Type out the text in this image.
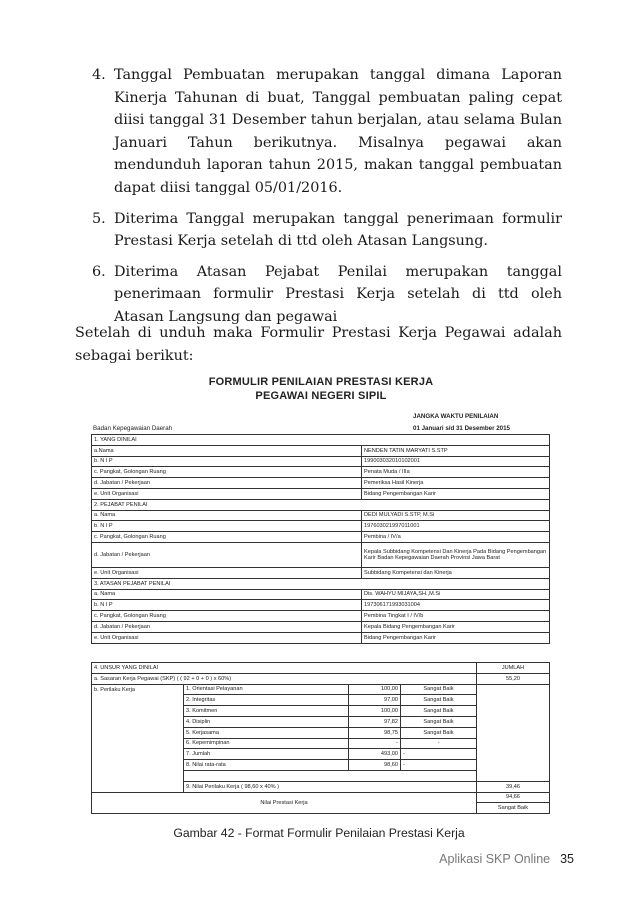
4. Tanggal Pembuatan merupakan tanggal dimana Laporan Kinerja Tahunan di buat, Tanggal pembuatan paling cepat diisi tanggal 31 Desember tahun berjalan, atau selama Bulan Januari Tahun berikutnya. Misalnya pegawai akan mendunduh laporan tahun 2015, makan tanggal pembuatan dapat diisi tanggal 05/01/2016.
5. Diterima Tanggal merupakan tanggal penerimaan formulir Prestasi Kerja setelah di ttd oleh Atasan Langsung.
6. Diterima Atasan Pejabat Penilai merupakan tanggal penerimaan formulir Prestasi Kerja setelah di ttd oleh Atasan Langsung dan pegawai

Setelah di unduh maka Formulir Prestasi Kerja Pegawai adalah sebagai berikut:

FORMULIR PENILAIAN PRESTASI KERJA
PEGAWAI NEGERI SIPIL
JANGKA WAKTU PENILAIAN
Badan Kepegawaian Daerah	01 Januari s/d 31 Desember 2015
1. YANG DINILAI	
a.Nama	NENDEN TATIN MARYATI S.STP
b. N I P	199003032010102001
c. Pangkat, Golongan Ruang	Penata Muda / IIIa
d. Jabatan / Pekerjaan	Pemeriksa Hasil Kinerja
e. Unit Organisasi	Bidang Pengembangan Karir
2. PEJABAT PENILAI	
a. Nama	DEDI MULYADI S.STP, M.Si
b. N I P	197603021997011001
c. Pangkat, Golongan Ruang	Pembina / IV/a
d. Jabatan / Pekerjaan	Kepala Subbidang Kompetensi Dan Kinerja Pada Bidang Pengembangan Karir Badan Kepegawaian Daerah Provinsi Jawa Barat
e. Unit Organisasi	Subbidang Kompetensi dan Kinerja
3. ATASAN PEJABAT PENILAI	
a. Nama	Dis. WAHYU MIJAYA,SH.,M.Si
b. N I P	197306171993031004
c. Pangkat, Golongan Ruang	Pembina Tingkat I / IV/b
d. Jabatan / Pekerjaan	Kepala Bidang Pengembangan Karir
e. Unit Organisasi	Bidang Pengembangan Karir
4. UNSUR YANG DINILAI				JUMLAH
a. Sasaran Kerja Pegawai (SKP) ( ( 92 + 0 + 0 ) x 60%)				55,20
b. Perilaku Kerja	1. Orientasi Pelayanan	100,00	Sangat Baik	
	2. Integritas	97,00	Sangat Baik	
	3. Komitmen	100,00	Sangat Baik	
	4. Disiplin	97,82	Sangat Baik	
	5. Kerjasama	98,75	Sangat Baik	
	6. Kepemimpinan	-	-	
	7. Jumlah	493,00	-	
	8. Nilai rata-rata	98,60	-	

	9. Nilai Perilaku Kerja ( 98,60 x 40% )			39,46
Nilai Prestasi Kerja				94,66
				Sangat Baik
Gambar 42 - Format Formulir Penilaian Prestasi Kerja
Aplikasi SKP Online 35
